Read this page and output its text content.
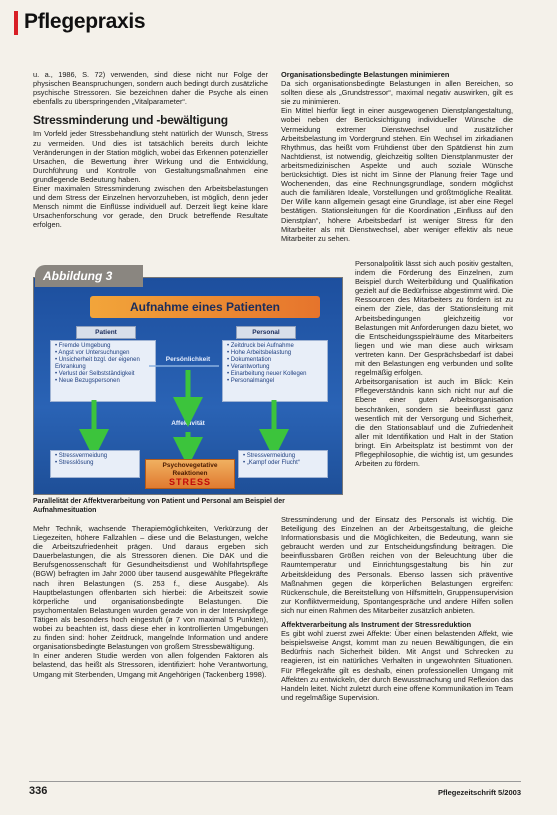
Pflegepraxis

u. a., 1986, S. 72) verwenden, sind diese nicht nur Folge der physischen Beanspruchungen, sondern auch bedingt durch zusätzliche psychische Stressoren. Sie bezeichnen daher die Psyche als einen ebenfalls zu überspringenden „Vitalparameter“.

Stressminderung und -bewältigung

Im Vorfeld jeder Stressbehandlung steht natürlich der Wunsch, Stress zu vermeiden. Und dies ist tatsächlich bereits durch leichte Veränderungen in der Station möglich, wobei das Erkennen potenzieller Ursachen, die Bewertung ihrer Wirkung und die Entwicklung, Durchführung und Kontrolle von Gestaltungsmaßnahmen eine grundlegende Bedeutung haben.

Einer maximalen Stressminderung zwischen den Arbeitsbelastungen und dem Stress der Einzelnen hervorzuheben, ist möglich, denn jeder Mensch nimmt die Einflüsse individuell auf. Derzeit liegt keine klare Ursachenforschung vor gerade, den Druck betreffende Resultate erfolgen.

Organisationsbedingte Belastungen minimieren

Da sich organisationsbedingte Belastungen in allen Bereichen, so sollten diese als „Grundstressor“, maximal negativ auswirken, gilt es sie zu minimieren.

Ein Mittel hierfür liegt in einer ausgewogenen Dienstplangestaltung, wobei neben der Berücksichtigung individueller Wünsche die Vermeidung extremer Dienstwechsel und zusätzlicher Arbeitsbelastung im Vordergrund stehen. Ein Wechsel im zirkadianen Rhythmus, das heißt vom Frühdienst über den Spätdienst hin zum Nachtdienst, ist notwendig, gleichzeitig sollten Dienstplanmuster der arbeitsmedizinischen Aspekte und auch soziale Wünsche berücksichtigt. Dies ist nicht im Sinne der Planung freier Tage und Wochenenden, das eine Rechnungsgrundlage, sondern möglichst auch die familiären Ideale, Vorstellungen und größtmögliche Realität. Der Wille kann allgemein gesagt eine Grundlage, ist aber eine Regel bestätigen. Stationsleitungen für die Koordination „Einfluss auf den Dienstplan“, höhere Arbeitsbedarf ist weniger Stress für den Mitarbeiter als mit Dienstwechsel, aber weniger effektiv als neue Mitarbeiter zu sehen.

Personalpolitik lässt sich auch positiv gestalten, indem die Förderung des Einzelnen, zum Beispiel durch Weiterbildung und Qualifikation gezielt auf die Bedürfnisse abgestimmt wird. Die Ressourcen des Mitarbeiters zu fördern ist zu einem der Ziele, das der Stationsleitung mit Arbeitsbedingungen gleichzeitig vor Belastungen mit Anforderungen dazu bietet, wo die Entscheidungsspielräume des Mitarbeiters liegen und wie man diese auch wirksam vertreten kann. Der Gesprächsbedarf ist dabei mit den Belastungen eng verbunden und sollte regelmäßig erfolgen.

Arbeitsorganisation ist auch im Blick: Kein Pflegeverständnis kann sich nicht nur auf die Ebene einer guten Arbeitsorganisation beschränken, sondern sie beeinflusst ganz wesentlich mit der Versorgung und Sicherheit, die den Stationsablauf und die Zufriedenheit aller mit Identifikation und Halt in der Station bringt. Ein Arbeitsplatz ist bestimmt von der Pflegephilosophie, die wichtig ist, um gesundes Arbeiten zu fördern.

Aufnahme eines Patienten
Patient	Personal
• Fremde Umgebung
• Angst vor Untersuchungen
• Unsicherheit bzgl. der eigenen Erkrankung
• Verlust der Selbstständigkeit
• Neue Bezugspersonen
• Zeitdruck bei Aufnahme
• Hohe Arbeitsbelastung
• Dokumentation
• Verantwortung
• Einarbeitung neuer Kollegen
• Personalmangel
Persönlichkeit
Affektivität
• Stressvermeidung
• Stresslösung
• Stressvermeidung
• „Kampf oder Flucht“
Psychovegetative Reaktionen
STRESS
Abbildung 3
Parallelität der Affektverarbeitung von Patient und Personal am Beispiel der Aufnahmesituation

Mehr Technik, wachsende Therapiemöglichkeiten, Verkürzung der Liegezeiten, höhere Fallzahlen – diese und die Belastungen, welche die Arbeitszufriedenheit prägen. Und daraus ergeben sich Dauerbelastungen, die als Stressoren dienen. Die DAK und die Berufsgenossenschaft für Gesundheitsdienst und Wohlfahrtspflege (BGW) befragten im Jahr 2000 über tausend ausgewählte Pflegekräfte nach ihren Belastungen (S. 253 f., diese Ausgabe). Als Hauptbelastungen offenbarten sich hierbei: die Arbeitszeit sowie körperliche und organisationsbedingte Belastungen. Die psychomentalen Belastungen wurden gerade von in der Intensivpflege Tätigen als besonders hoch eingestuft (ø 7 von maximal 5 Punkten), wobei zu beachten ist, dass diese eher in kontrollierten Umgebungen zu finden sind: hoher Zeitdruck, mangelnde Information und andere organisationsbedingte Belastungen von großem Stressbewältigung.

In einer anderen Studie werden von allen folgenden Faktoren als belastend, das heißt als Stressoren, identifiziert: hohe Verantwortung, Umgang mit Sterbenden, Umgang mit Angehörigen (Tackenberg 1998).

Stressminderung und der Einsatz des Personals ist wichtig. Die Beteiligung des Einzelnen an der Arbeitsgestaltung, die gleiche Informationsbasis und die Möglichkeiten, die Bedeutung, wann sie gebraucht werden und zur Entscheidungsfindung beitragen. Die beeinflussbaren Größen reichen von der Beleuchtung über die Raumtemperatur und Einrichtungsgestaltung bis hin zur Arbeitskleidung des Personals. Ebenso lassen sich präventive Maßnahmen gegen die körperlichen Belastungen ergreifen: Rückenschule, die Bereitstellung von Hilfsmitteln, Gruppensupervision zur Konfliktvermeidung, Spontangespräche und andere Hilfen sollen sich nur einen Rahmen des Mitarbeiter zusätzlich anbieten.

Affektverarbeitung als Instrument der Stressreduktion

Es gibt wohl zuerst zwei Affekte: Über einen belastenden Affekt, wie beispielsweise Angst, kommt man zu neuen Bewältigungen, die ein Bedürfnis nach Sicherheit bilden. Mit Angst und Schrecken zu reagieren, ist ein natürliches Verhalten in ungewohnten Situationen. Für Pflegekräfte gilt es deshalb, einen professionellen Umgang mit Affekten zu entwickeln, der durch Bewusstmachung und Reflexion das Handeln leitet. Nicht zuletzt durch eine offene Kommunikation im Team und regelmäßige Supervision.

336	Pflegezeitschrift 5/2003
